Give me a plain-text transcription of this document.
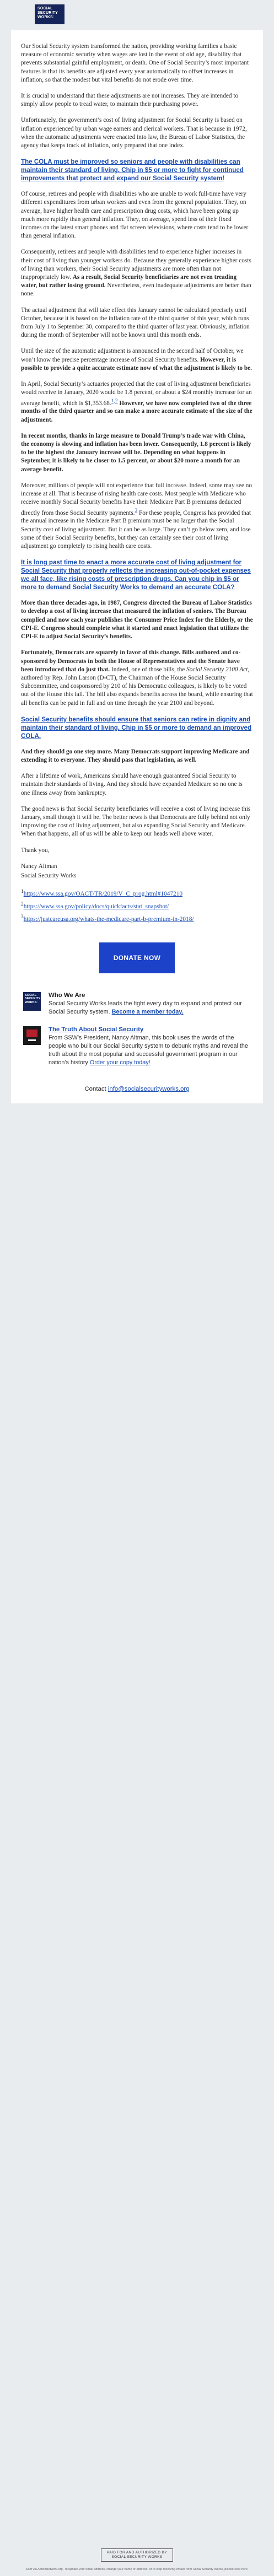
SOCIAL
SECURITY
WORKS!

Our Social Security system transformed the nation, providing working families a basic measure of economic security when wages are lost in the event of old age, disability that prevents substantial gainful employment, or death. One of Social Security’s most important features is that its benefits are adjusted every year automatically to offset increases in inflation, so that the modest but vital benefits do not erode over time.

It is crucial to understand that these adjustments are not increases. They are intended to simply allow people to tread water, to maintain their purchasing power.

Unfortunately, the government’s cost of living adjustment for Social Security is based on inflation experienced by urban wage earners and clerical workers. That is because in 1972, when the automatic adjustments were enacted into law, the Bureau of Labor Statistics, the agency that keeps track of inflation, only prepared that one index.

The COLA must be improved so seniors and people with disabilities can maintain their standard of living. Chip in $5 or more to fight for continued improvements that protect and expand our Social Security system!

Of course, retirees and people with disabilities who are unable to work full-time have very different expenditures from urban workers and even from the general population. They, on average, have higher health care and prescription drug costs, which have been going up much more rapidly than general inflation. They, on average, spend less of their fixed incomes on the latest smart phones and flat screen televisions, where costs tend to be lower than general inflation.

Consequently, retirees and people with disabilities tend to experience higher increases in their cost of living than younger workers do. Because they generally experience higher costs of living than workers, their Social Security adjustments are more often than not inappropriately low. As a result, Social Security beneficiaries are not even treading water, but rather losing ground. Nevertheless, even inadequate adjustments are better than none.

The actual adjustment that will take effect this January cannot be calculated precisely until October, because it is based on the inflation rate of the third quarter of this year, which runs from July 1 to September 30, compared to the third quarter of last year. Obviously, inflation during the month of September will not be known until this month ends.

Until the size of the automatic adjustment is announced in the second half of October, we won’t know the precise percentage increase of Social Security benefits. However, it is possible to provide a quite accurate estimate now of what the adjustment is likely to be.

In April, Social Security’s actuaries projected that the cost of living adjustment beneficiaries would receive in January, 2020 would be 1.8 percent, or about a $24 monthly increase for an average benefit, which is $1,353.68.$^{1,2}$ However, we have now completed two of the three months of the third quarter and so can make a more accurate estimate of the size of the adjustment.

In recent months, thanks in large measure to Donald Trump’s trade war with China, the economy is slowing and inflation has been lower. Consequently, 1.8 percent is likely to be the highest the January increase will be. Depending on what happens in September, it is likely to be closer to 1.5 percent, or about $20 more a month for an average benefit.

Moreover, millions of people will not experience that full increase. Indeed, some may see no increase at all. That is because of rising health care costs. Most people with Medicare who receive monthly Social Security benefits have their Medicare Part B premiums deducted directly from those Social Security payments.$^3$ For these people, Congress has provided that the annual increase in the Medicare Part B premium must be no larger than the Social Security cost of living adjustment. But it can be as large. They can’t go below zero, and lose some of their Social Security benefits, but they can certainly see their cost of living adjustment go completely to rising health care costs.

It is long past time to enact a more accurate cost of living adjustment for Social Security that properly reflects the increasing out-of-pocket expenses we all face, like rising costs of prescription drugs. Can you chip in $5 or more to demand Social Security Works to demand an accurate COLA?

More than three decades ago, in 1987, Congress directed the Bureau of Labor Statistics to develop a cost of living increase that measured the inflation of seniors. The Bureau complied and now each year publishes the Consumer Price Index for the Elderly, or the CPI-E. Congress should complete what it started and enact legislation that utilizes the CPI-E to adjust Social Security’s benefits.

Fortunately, Democrats are squarely in favor of this change. Bills authored and co-sponsored by Democrats in both the House of Representatives and the Senate have been introduced that do just that. Indeed, one of those bills, the Social Security 2100 Act, authored by Rep. John Larson (D-CT), the Chairman of the House Social Security Subcommittee, and cosponsored by 210 of his Democratic colleagues, is likely to be voted out of the House this fall. The bill also expands benefits across the board, while ensuring that all benefits can be paid in full and on time through the year 2100 and beyond.

Social Security benefits should ensure that seniors can retire in dignity and maintain their standard of living. Chip in $5 or more to demand an improved COLA.

And they should go one step more. Many Democrats support improving Medicare and extending it to everyone. They should pass that legislation, as well.

After a lifetime of work, Americans should have enough guaranteed Social Security to maintain their standards of living. And they should have expanded Medicare so no one is one illness away from bankruptcy.

The good news is that Social Security beneficiaries will receive a cost of living increase this January, small though it will be. The better news is that Democrats are fully behind not only improving the cost of living adjustment, but also expanding Social Security and Medicare. When that happens, all of us will be able to keep our heads well above water.

Thank you,

Nancy Altman

Social Security Works

$^1$https://www.ssa.gov/OACT/TR/2019/V_C_prog.html#1047210

$^2$https://www.ssa.gov/policy/docs/quickfacts/stat_snapshot/

$^3$https://justcareusa.org/whats-the-medicare-part-b-premium-in-2018/

DONATE NOW
SOCIAL
SECURITY
WORKS!
Who We Are

Social Security Works leads the fight every day to expand and protect our Social Security system. Become a member today.

The Truth About Social Security

From SSW’s President, Nancy Altman, this book uses the words of the people who built our Social Security system to debunk myths and reveal the truth about the most popular and successful government program in our nation’s history Order your copy today!

Contact info@socialsecurityworks.org
PAID FOR AND AUTHORIZED BY
SOCIAL SECURITY WORKS
Sent via ActionNetwork.org. To update your email address, change your name or address, or to stop receiving emails from Social Security Works, please click here.
